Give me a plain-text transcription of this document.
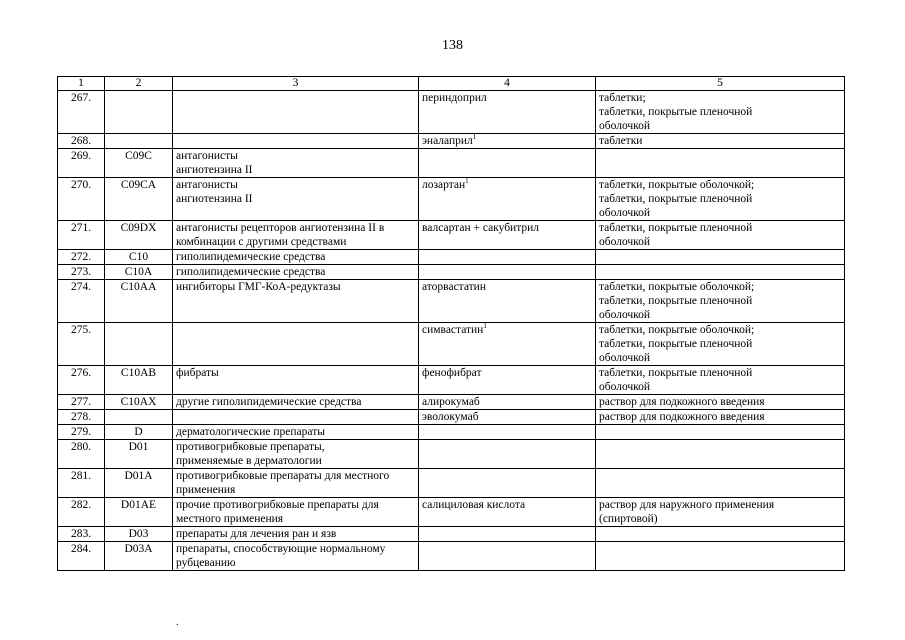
138
1	2	3	4	5
267.			периндоприл	таблетки;
таблетки, покрытые пленочной
оболочкой
268.			эналаприл$^1$	таблетки
269.	C09C	антагонисты
ангиотензина II		
270.	C09CA	антагонисты
ангиотензина II	лозартан$^1$	таблетки, покрытые оболочкой;
таблетки, покрытые пленочной
оболочкой
271.	C09DX	антагонисты рецепторов ангиотензина II в
комбинации с другими средствами	валсартан + сакубитрил	таблетки, покрытые пленочной
оболочкой
272.	C10	гиполипидемические средства		
273.	C10A	гиполипидемические средства		
274.	C10AA	ингибиторы ГМГ-КоА-редуктазы	аторвастатин	таблетки, покрытые оболочкой;
таблетки, покрытые пленочной
оболочкой
275.			симвастатин$^1$	таблетки, покрытые оболочкой;
таблетки, покрытые пленочной
оболочкой
276.	C10AB	фибраты	фенофибрат	таблетки, покрытые пленочной
оболочкой
277.	C10AX	другие гиполипидемические средства	алирокумаб	раствор для подкожного введения
278.			эволокумаб	раствор для подкожного введения
279.	D	дерматологические препараты		
280.	D01	противогрибковые препараты,
применяемые в дерматологии		
281.	D01A	противогрибковые препараты для местного
применения		
282.	D01AE	прочие противогрибковые препараты для
местного применения	салициловая кислота	раствор для наружного применения
(спиртовой)
283.	D03	препараты для лечения ран и язв		
284.	D03A	препараты, способствующие нормальному
рубцеванию		
.
